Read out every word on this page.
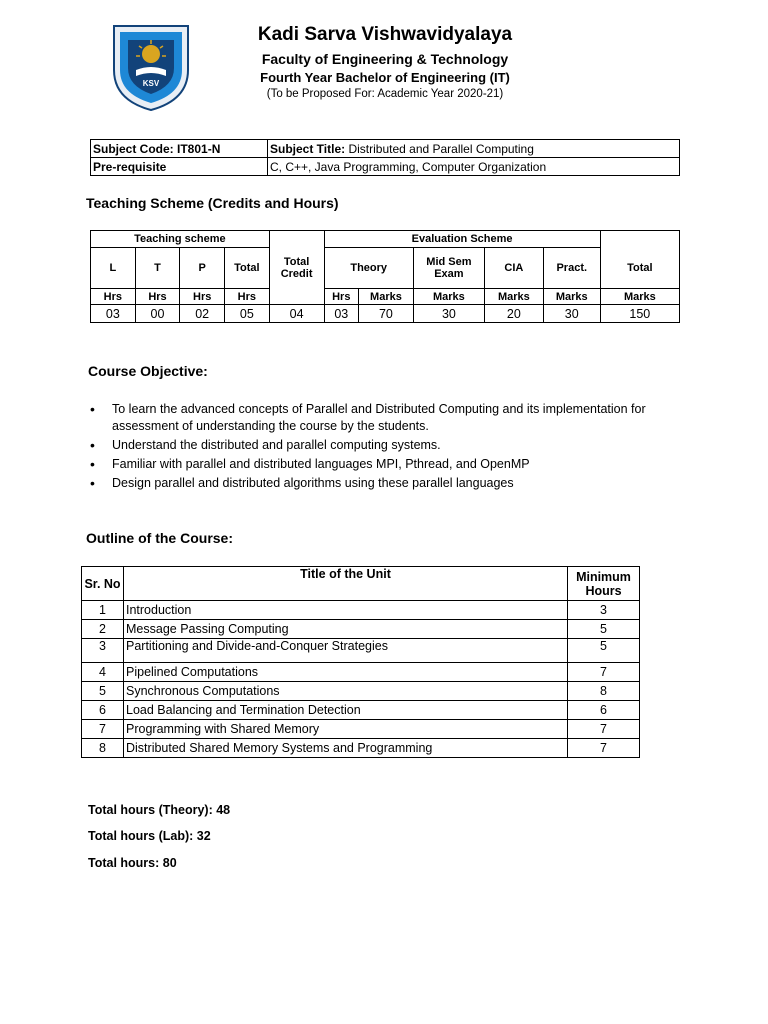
KSV
Kadi Sarva Vishwavidyalaya
Faculty of Engineering & Technology
Fourth Year Bachelor of Engineering (IT)
(To be Proposed For: Academic Year 2020-21)
Subject Code: IT801-N	Subject Title: Distributed and Parallel Computing
Pre-requisite	C, C++, Java Programming, Computer Organization
Teaching Scheme (Credits and Hours)
Teaching scheme				Total Credit	Evaluation Scheme					
L	T	P	Total		Theory		Mid Sem Exam	CIA	Pract.	Total
Hrs	Hrs	Hrs	Hrs		Hrs	Marks	Marks	Marks	Marks	Marks
03	00	02	05	04	03	70	30	20	30	150
Course Objective:
• To learn the advanced concepts of Parallel and Distributed Computing and its implementation for assessment of understanding the course by the students.
• Understand the distributed and parallel computing systems.
• Familiar with parallel and distributed languages MPI, Pthread, and OpenMP
• Design parallel and distributed algorithms using these parallel languages
Outline of the Course:
Sr. No	Title of the Unit	Minimum Hours
1	Introduction	3
2	Message Passing Computing	5
3	Partitioning and Divide-and-Conquer Strategies	5
4	Pipelined Computations	7
5	Synchronous Computations	8
6	Load Balancing and Termination Detection	6
7	Programming with Shared Memory	7
8	Distributed Shared Memory Systems and Programming	7
Total hours (Theory): 48
Total hours (Lab): 32
Total hours: 80
